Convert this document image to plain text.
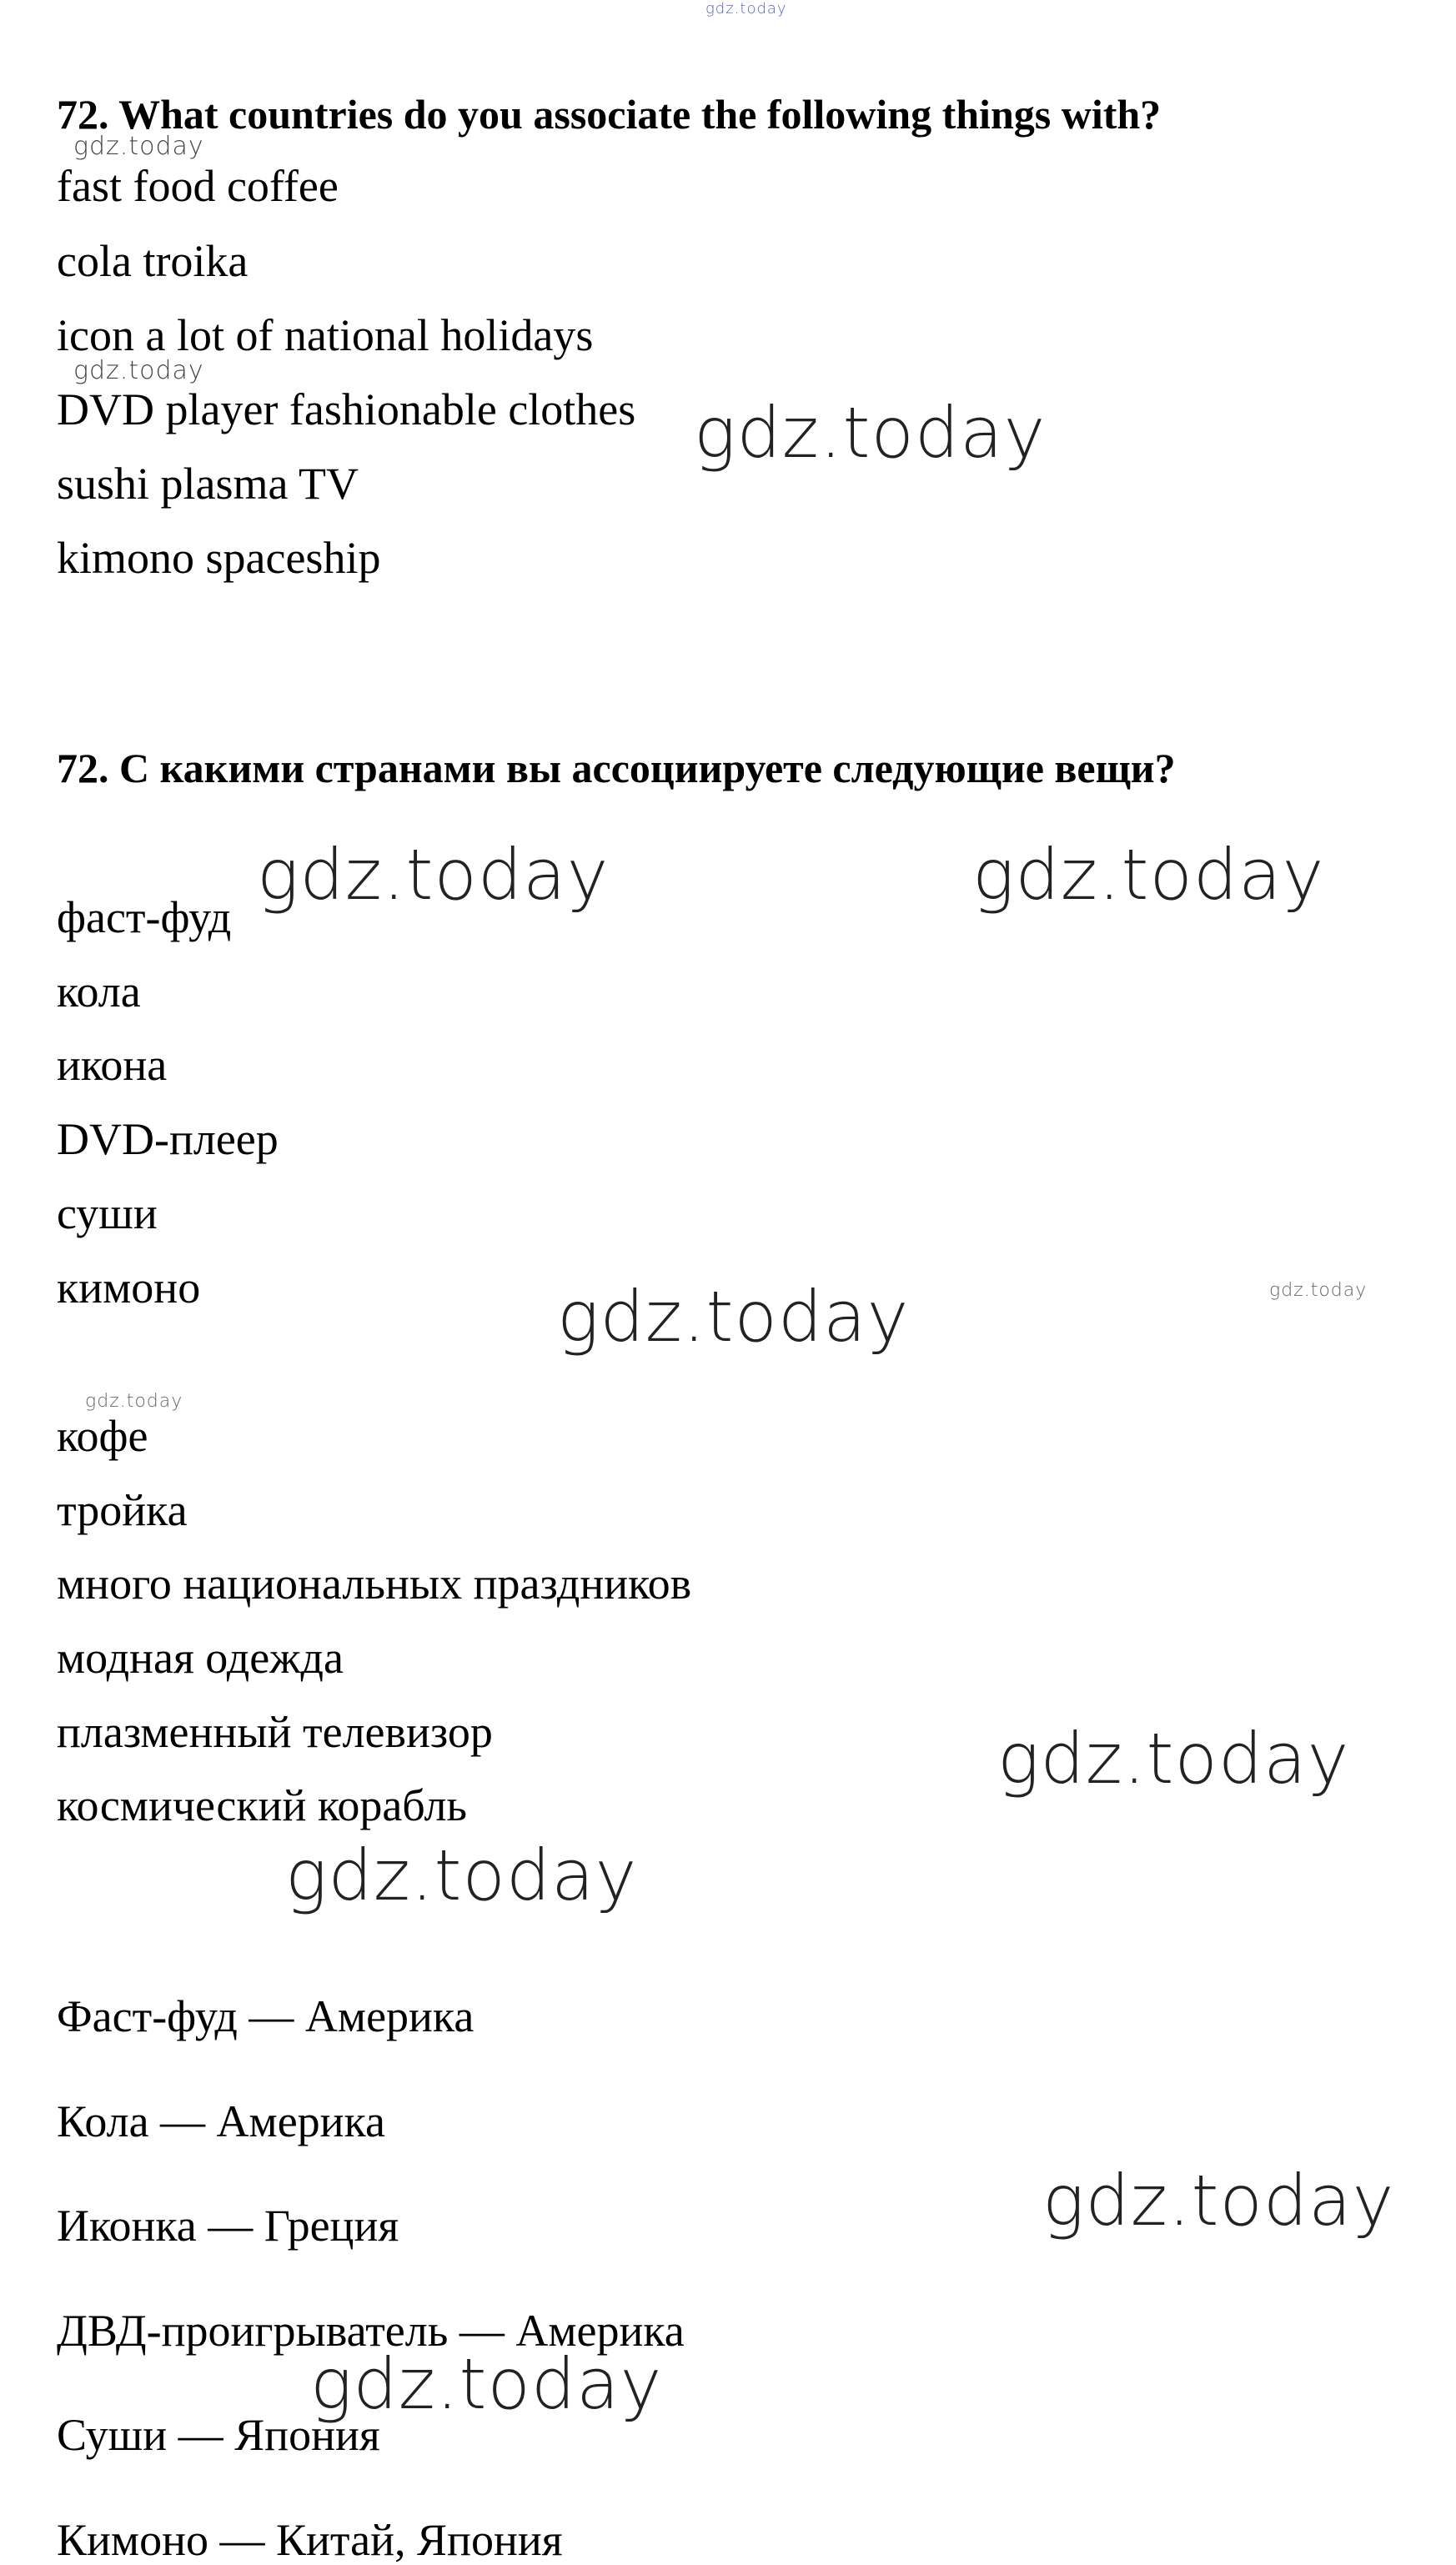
gdz.today
72. What countries do you associate the following things with?
fast food coffee
cola troika
icon a lot of national holidays
DVD player fashionable clothes
sushi plasma TV
kimono spaceship
72. С какими странами вы ассоциируете следующие вещи?
фаст-фуд
кола
икона
DVD-плеер
суши
кимоно
кофе
тройка
много национальных праздников
модная одежда
плазменный телевизор
космический корабль
Фаст-фуд — Америка
Кола — Америка
Иконка — Греция
ДВД-проигрыватель — Америка
Суши — Япония
Кимоно — Китай, Япония
gdz.today
gdz.today
gdz.today
gdz.today	gdz.today
gdz.today	gdz.today
gdz.today
gdz.today
gdz.today
gdz.today
gdz.today
